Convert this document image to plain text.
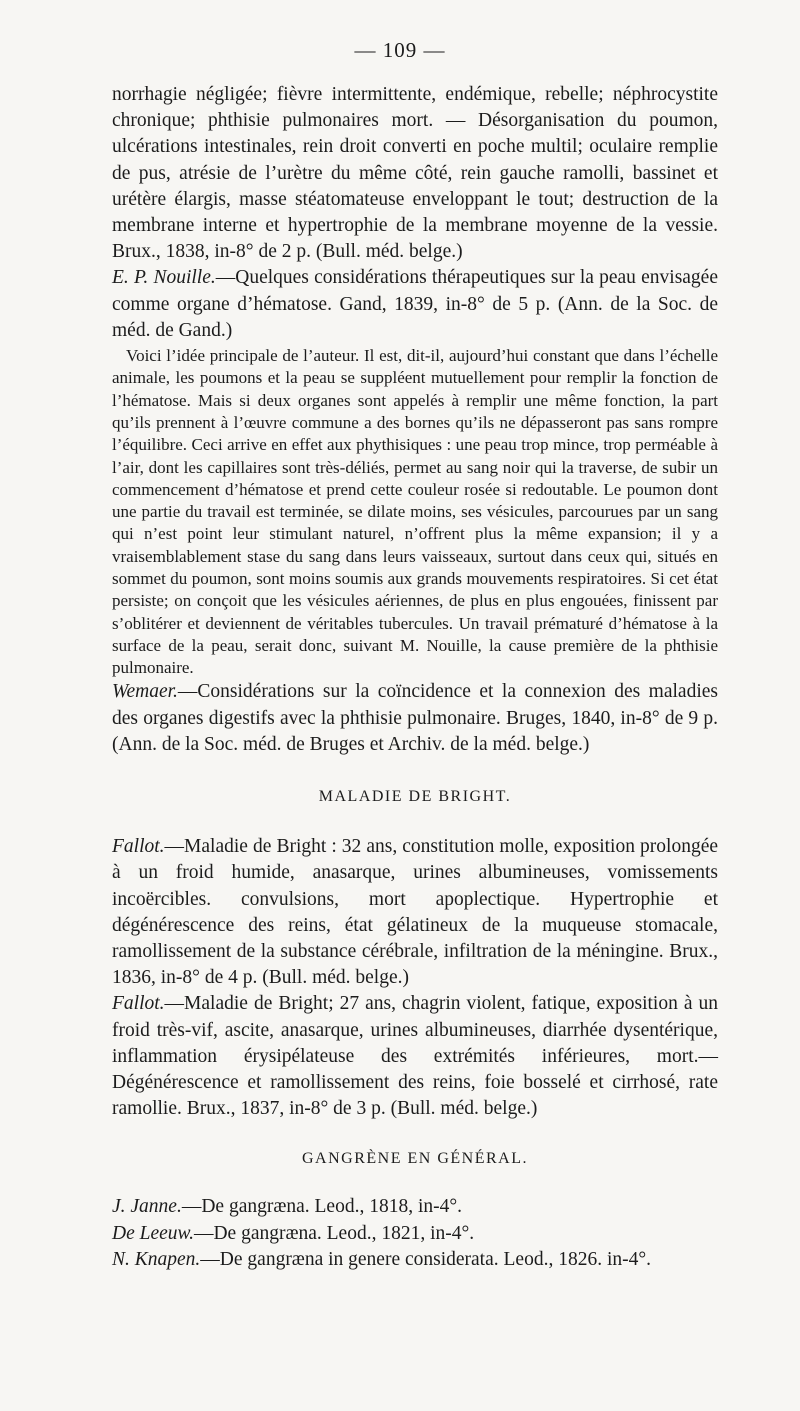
— 109 —

norrhagie négligée; fièvre intermittente, endémique, rebelle; néphrocystite chronique; phthisie pulmonaires mort. — Désorganisation du poumon, ulcérations intestinales, rein droit converti en poche multil; oculaire remplie de pus, atrésie de l’urètre du même côté, rein gauche ramolli, bassinet et urétère élargis, masse stéatomateuse enveloppant le tout; destruction de la membrane interne et hypertrophie de la membrane moyenne de la vessie. Brux., 1838, in-8° de 2 p. (Bull. méd. belge.)

E. P. Nouille.—Quelques considérations thérapeutiques sur la peau envisagée comme organe d’hématose. Gand, 1839, in-8° de 5 p. (Ann. de la Soc. de méd. de Gand.)

Voici l’idée principale de l’auteur. Il est, dit-il, aujourd’hui constant que dans l’échelle animale, les poumons et la peau se suppléent mutuellement pour remplir la fonction de l’hématose. Mais si deux organes sont appelés à remplir une même fonction, la part qu’ils prennent à l’œuvre commune a des bornes qu’ils ne dépasseront pas sans rompre l’équilibre. Ceci arrive en effet aux phythisiques : une peau trop mince, trop perméable à l’air, dont les capillaires sont très-déliés, permet au sang noir qui la traverse, de subir un commencement d’hématose et prend cette couleur rosée si redoutable. Le poumon dont une partie du travail est terminée, se dilate moins, ses vésicules, parcourues par un sang qui n’est point leur stimulant naturel, n’offrent plus la même expansion; il y a vraisemblablement stase du sang dans leurs vaisseaux, surtout dans ceux qui, situés en sommet du poumon, sont moins soumis aux grands mouvements respiratoires. Si cet état persiste; on conçoit que les vésicules aériennes, de plus en plus engouées, finissent par s’oblitérer et deviennent de véritables tubercules. Un travail prématuré d’hématose à la surface de la peau, serait donc, suivant M. Nouille, la cause première de la phthisie pulmonaire.

Wemaer.—Considérations sur la coïncidence et la connexion des maladies des organes digestifs avec la phthisie pulmonaire. Bruges, 1840, in-8° de 9 p. (Ann. de la Soc. méd. de Bruges et Archiv. de la méd. belge.)

MALADIE DE BRIGHT.

Fallot.—Maladie de Bright : 32 ans, constitution molle, exposition prolongée à un froid humide, anasarque, urines albumineuses, vomissements incoërcibles. convulsions, mort apoplectique. Hypertrophie et dégénérescence des reins, état gélatineux de la muqueuse stomacale, ramollissement de la substance cérébrale, infiltration de la méningine. Brux., 1836, in-8° de 4 p. (Bull. méd. belge.)

Fallot.—Maladie de Bright; 27 ans, chagrin violent, fatique, exposition à un froid très-vif, ascite, anasarque, urines albumineuses, diarrhée dysentérique, inflammation érysipélateuse des extrémités inférieures, mort.— Dégénérescence et ramollissement des reins, foie bosselé et cirrhosé, rate ramollie. Brux., 1837, in-8° de 3 p. (Bull. méd. belge.)

GANGRÈNE EN GÉNÉRAL.

J. Janne.—De gangræna. Leod., 1818, in-4°.

De Leeuw.—De gangræna. Leod., 1821, in-4°.

N. Knapen.—De gangræna in genere considerata. Leod., 1826. in-4°.
